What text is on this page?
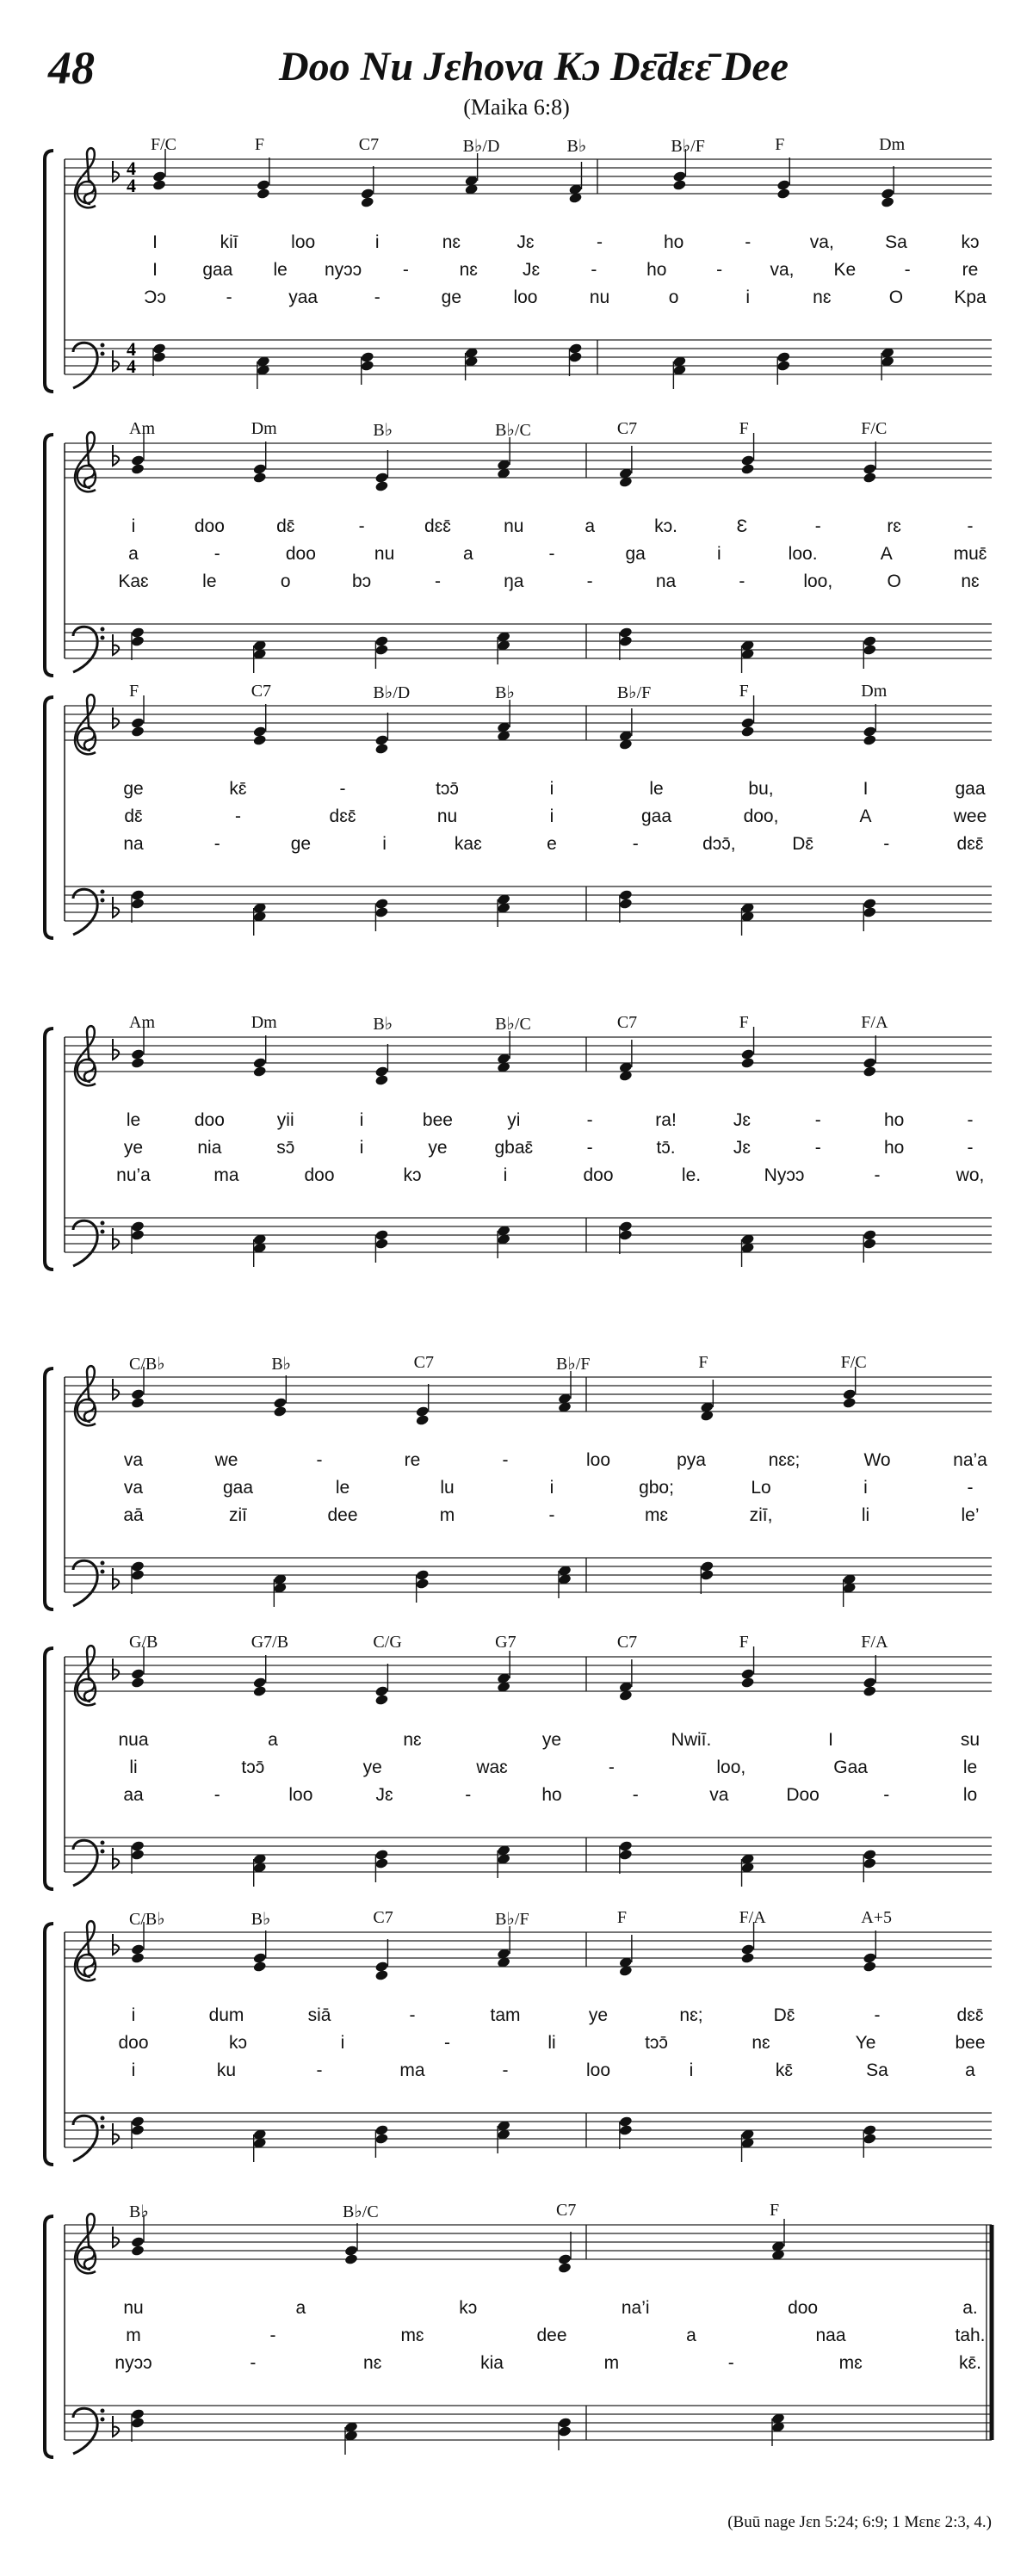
48	Doo Nu Jɛhova Kɔ Dɛ̄dɛɛ̄ Dee
(Maika 6:8)
4
4
4
4
F/C	F	C7	B♭/D	B♭	B♭/F	F	Dm
I	kiī	loo	i	nɛ	Jɛ	-	ho	-	va,	Sa	kɔ
I gaa le nyɔɔ -	nɛ Jɛ	-	ho	-	va, Ke	-	re
Ɔɔ	-	yaa	-	ge	loo	nu	o	i	nɛ	O	Kpa
Am	Dm	B♭	B♭/C	C7	F	F/C
i	doo	dɛ̄	-	dɛɛ̄	nu	a	kɔ.	Ɛ	-	rɛ	-
a	-	doo	nu	a	-	ga	i	loo.	A	muɛ̄
Kaɛ	le	o	bɔ	-	ŋa	-	na	-	loo,	O	nɛ
F	C7	B♭/D	B♭	B♭/F	F	Dm
ge	kɛ̄	-	tɔɔ̄	i	le	bu,	I	gaa
dɛ̄	-	dɛɛ̄	nu	i	gaa	doo,	A	wee
na	-	ge	i	kaɛ	e	-	dɔɔ̄,	Dɛ̄	-	dɛɛ̄
Am	Dm	B♭	B♭/C	C7	F	F/A
le	doo	yii	i	bee	yi	-	ra!	Jɛ	-	ho	-
ye	nia	sɔ̄	i	ye	gbaɛ̄	-	tɔ̄.	Jɛ	-	ho	-
nu’a	ma	doo	kɔ	i	doo	le.	Nyɔɔ	-	wo,
C/B♭	B♭	C7	B♭/F	F	F/C
va	we	-	re	-	loo	pya	nɛɛ;	Wo	na’a
va	gaa	le	lu	i	gbo;	Lo	i	-
aā	ziī	dee	m	-	mɛ	ziī,	li	le’
G/B	G7/B	C/G	G7	C7	F	F/A
nua	a	nɛ	ye	Nwiī.	I	su
li	tɔɔ̄	ye	waɛ	-	loo,	Gaa	le
aa	-	loo	Jɛ	-	ho	-	va	Doo	-	lo
C/B♭	B♭	C7	B♭/F	F	F/A	A+5
i	dum	siā	-	tam	ye	nɛ;	Dɛ̄	-	dɛɛ̄
doo	kɔ	i	-	li	tɔɔ̄	nɛ	Ye	bee
i	ku	-	ma	-	loo	i	kɛ̄	Sa	a
B♭	B♭/C	C7	F
nu	a	kɔ	na’i	doo	a.
m	-	mɛ	dee	a	naa	tah.
nyɔɔ	-	nɛ	kia	m	-	mɛ	kɛ̄.
(Buū nage Jɛn 5:24; 6:9; 1 Mɛnɛ 2:3, 4.)
